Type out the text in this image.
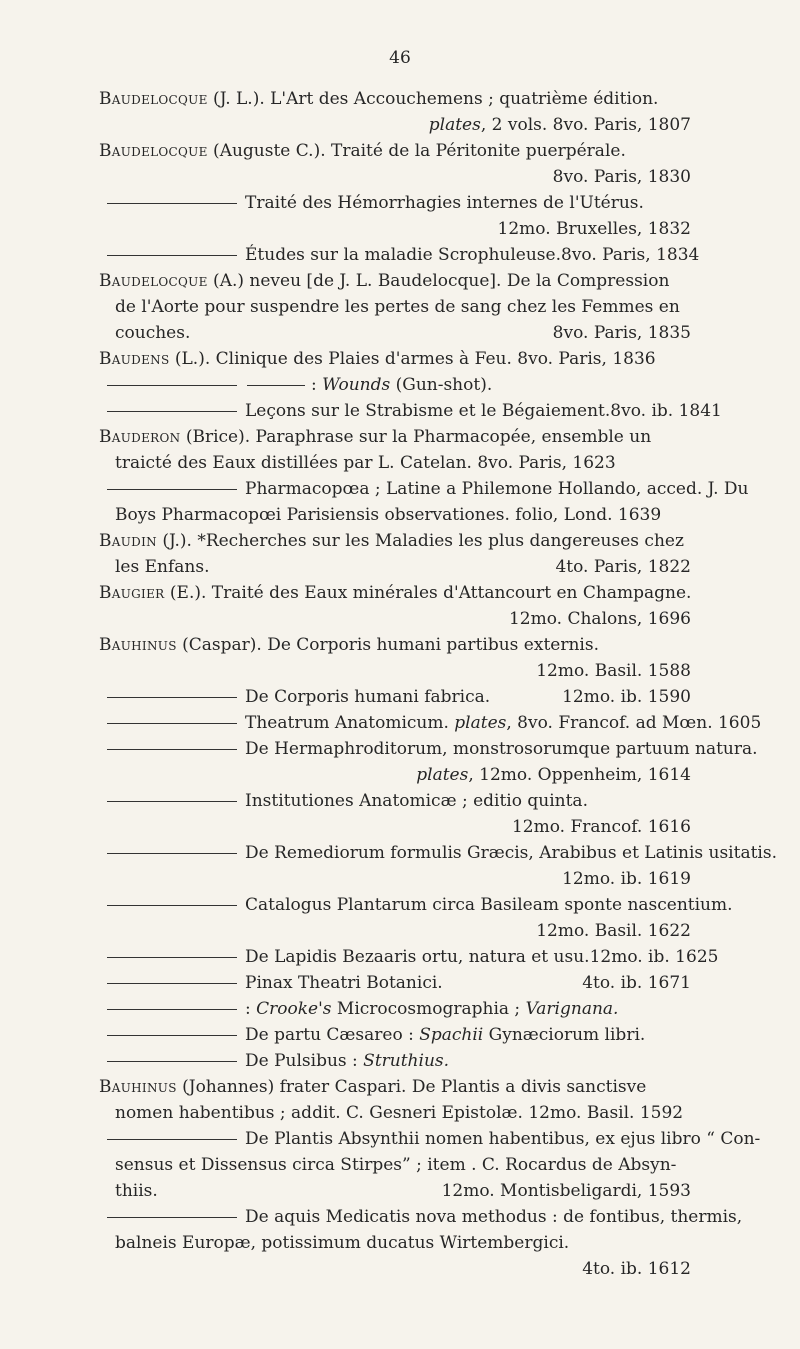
46
Baudelocque (J. L.). L'Art des Accouchemens ; quatrième édition.
plates, 2 vols. 8vo. Paris, 1807
Baudelocque (Auguste C.). Traité de la Péritonite puerpérale.
8vo. Paris, 1830
Traité des Hémorrhagies internes de l'Utérus.
12mo. Bruxelles, 1832
Études sur la maladie Scrophuleuse. 8vo. Paris, 1834
Baudelocque (A.) neveu [de J. L. Baudelocque]. De la Compression
de l'Aorte pour suspendre les pertes de sang chez les Femmes en
couches.	8vo. Paris, 1835
Baudens (L.). Clinique des Plaies d'armes à Feu. 8vo. Paris, 1836
: Wounds (Gun-shot).
Leçons sur le Strabisme et le Bégaiement. 8vo. ib. 1841
Bauderon (Brice). Paraphrase sur la Pharmacopée, ensemble un
traicté des Eaux distillées par L. Catelan. 8vo. Paris, 1623
Pharmacopœa ; Latine a Philemone Hollando, acced. J. Du
Boys Pharmacopœi Parisiensis observationes. folio, Lond. 1639
Baudin (J.). *Recherches sur les Maladies les plus dangereuses chez
les Enfans.	4to. Paris, 1822
Baugier (E.). Traité des Eaux minérales d'Attancourt en Champagne.
12mo. Chalons, 1696
Bauhinus (Caspar). De Corporis humani partibus externis.
12mo. Basil. 1588
De Corporis humani fabrica.	12mo. ib. 1590
Theatrum Anatomicum. plates, 8vo. Francof. ad Mœn. 1605
De Hermaphroditorum, monstrosorumque partuum natura.
plates, 12mo. Oppenheim, 1614
Institutiones Anatomicæ ; editio quinta.
12mo. Francof. 1616
De Remediorum formulis Græcis, Arabibus et Latinis usitatis.
12mo. ib. 1619
Catalogus Plantarum circa Basileam sponte nascentium.
12mo. Basil. 1622
De Lapidis Bezaaris ortu, natura et usu. 12mo. ib. 1625
Pinax Theatri Botanici.	4to. ib. 1671
: Crooke's Microcosmographia ; Varignana.
De partu Cæsareo : Spachii Gynæciorum libri.
De Pulsibus : Struthius.
Bauhinus (Johannes) frater Caspari. De Plantis a divis sanctisve
nomen habentibus ; addit. C. Gesneri Epistolæ. 12mo. Basil. 1592
De Plantis Absynthii nomen habentibus, ex ejus libro “ Con-
sensus et Dissensus circa Stirpes” ; item . C. Rocardus de Absyn-
thiis.	12mo. Montisbeligardi, 1593
De aquis Medicatis nova methodus : de fontibus, thermis,
balneis Europæ, potissimum ducatus Wirtembergici.
4to. ib. 1612
